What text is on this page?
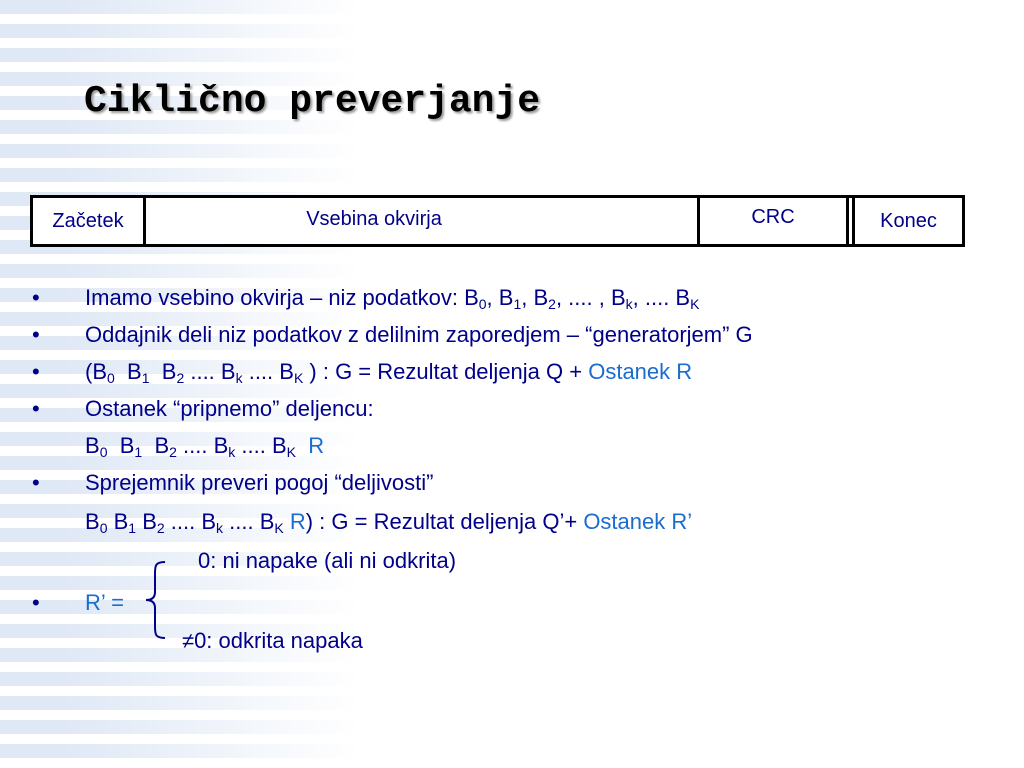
Ciklično preverjanje
Začetek	Vsebina okvirja	CRC	Konec
• Imamo vsebino okvirja – niz podatkov: $B_0$, $B_1$, $B_2$, .... , $B_k$, .... $B_K$
• Oddajnik deli niz podatkov z delilnim zaporedjem – “generatorjem” G
• ($B_0$ $B_1$ $B_2$ .... $B_k$ .... $B_K$ ) : G = Rezultat deljenja Q + Ostanek R
• Ostanek “pripnemo” deljencu:
$B_0$ $B_1$ $B_2$ .... $B_k$ .... $B_K$ R
• Sprejemnik preveri pogoj “deljivosti”
$B_0$ $B_1$ $B_2$ .... $B_k$ .... $B_K$ R) : G = Rezultat deljenja Q’+ Ostanek R’
0: ni napake (ali ni odkrita)
• R’ =
≠0: odkrita napaka
